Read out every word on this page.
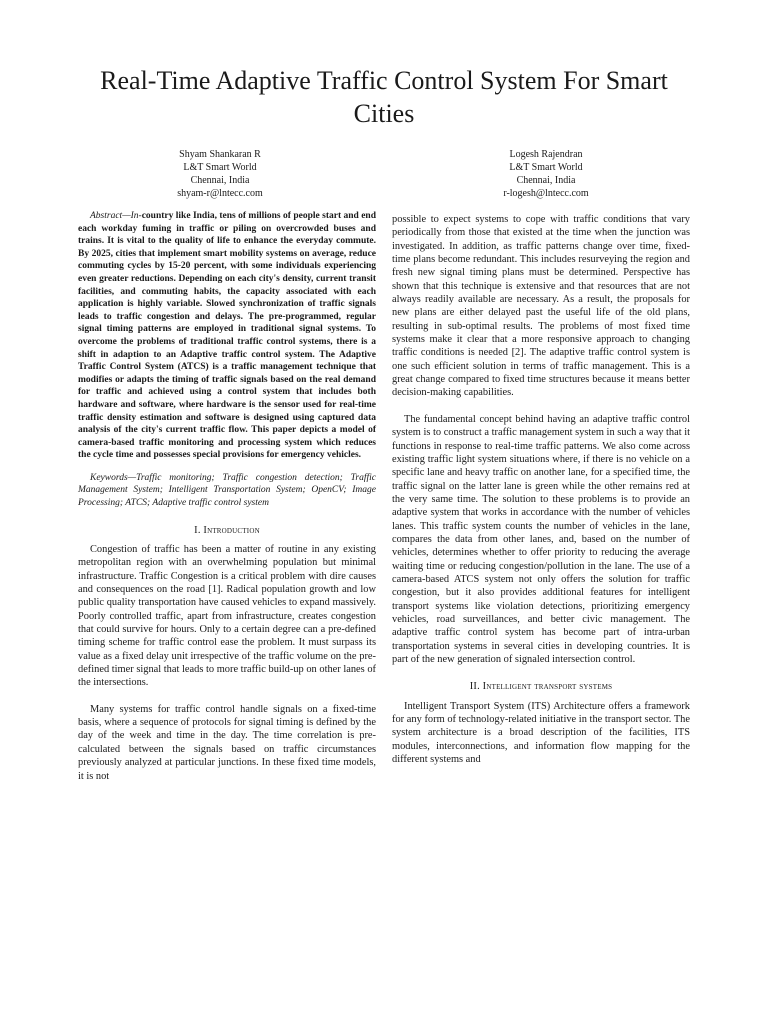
Real-Time Adaptive Traffic Control System For Smart Cities
Shyam Shankaran R
L&T Smart World
Chennai, India
shyam-r@lntecc.com
Logesh Rajendran
L&T Smart World
Chennai, India
r-logesh@lntecc.com

Abstract—In-country like India, tens of millions of people start and end each workday fuming in traffic or piling on overcrowded buses and trains. It is vital to the quality of life to enhance the everyday commute. By 2025, cities that implement smart mobility systems on average, reduce commuting cycles by 15-20 percent, with some individuals experiencing even greater reductions. Depending on each city's density, current transit facilities, and commuting habits, the capacity associated with each application is highly variable. Slowed synchronization of traffic signals leads to traffic congestion and delays. The pre-programmed, regular signal timing patterns are employed in traditional signal systems. To overcome the problems of traditional traffic control systems, there is a shift in adaption to an Adaptive traffic control system. The Adaptive Traffic Control System (ATCS) is a traffic management technique that modifies or adapts the timing of traffic signals based on the real demand for traffic and achieved using a control system that includes both hardware and software, where hardware is the sensor used for real-time traffic density estimation and software is designed using captured data analysis of the city's current traffic flow. This paper depicts a model of camera-based traffic monitoring and processing system which reduces the cycle time and possesses special provisions for emergency vehicles.

Keywords—Traffic monitoring; Traffic congestion detection; Traffic Management System; Intelligent Transportation System; OpenCV; Image Processing; ATCS; Adaptive traffic control system

I. Introduction

Congestion of traffic has been a matter of routine in any existing metropolitan region with an overwhelming population but minimal infrastructure. Traffic Congestion is a critical problem with dire causes and consequences on the road [1]. Radical population growth and low public quality transportation have caused vehicles to expand massively. Poorly controlled traffic, apart from infrastructure, creates congestion that could survive for hours. Only to a certain degree can a pre-defined timing scheme for traffic control ease the problem. It must surpass its value as a fixed delay unit irrespective of the traffic volume on the pre-defined timer signal that leads to more traffic build-up on other lanes of the intersections.

Many systems for traffic control handle signals on a fixed-time basis, where a sequence of protocols for signal timing is defined by the day of the week and time in the day. The time correlation is pre-calculated between the signals based on traffic circumstances previously analyzed at particular junctions. In these fixed time models, it is not

possible to expect systems to cope with traffic conditions that vary periodically from those that existed at the time when the junction was investigated. In addition, as traffic patterns change over time, fixed-time plans become redundant. This includes resurveying the region and fresh new signal timing plans must be determined. Perspective has shown that this technique is extensive and that resources that are not always readily available are necessary. As a result, the proposals for new plans are either delayed past the useful life of the old plans, resulting in sub-optimal results. The problems of most fixed time systems make it clear that a more responsive approach to changing traffic conditions is needed [2]. The adaptive traffic control system is one such efficient solution in terms of traffic management. This is a great change compared to fixed time structures because it means better decision-making capabilities.

The fundamental concept behind having an adaptive traffic control system is to construct a traffic management system in such a way that it functions in response to real-time traffic patterns. We also come across existing traffic light system situations where, if there is no vehicle on a specific lane and heavy traffic on another lane, for a specified time, the traffic signal on the latter lane is green while the other remains red at the very same time. The solution to these problems is to provide an adaptive system that works in accordance with the number of vehicles lanes. This traffic system counts the number of vehicles in the lane, compares the data from other lanes, and, based on the number of vehicles, determines whether to offer priority to reducing the average waiting time or reducing congestion/pollution in the lane. The use of a camera-based ATCS system not only offers the solution for traffic congestion, but it also provides additional features for intelligent transport systems like violation detections, prioritizing emergency vehicles, road surveillances, and better civic management. The adaptive traffic control system has become part of intra-urban transportation systems in several cities in developing countries. It is part of the new generation of signaled intersection control.

II. Intelligent transport systems

Intelligent Transport System (ITS) Architecture offers a framework for any form of technology-related initiative in the transport sector. The system architecture is a broad description of the facilities, ITS modules, interconnections, and information flow mapping for the different systems and
